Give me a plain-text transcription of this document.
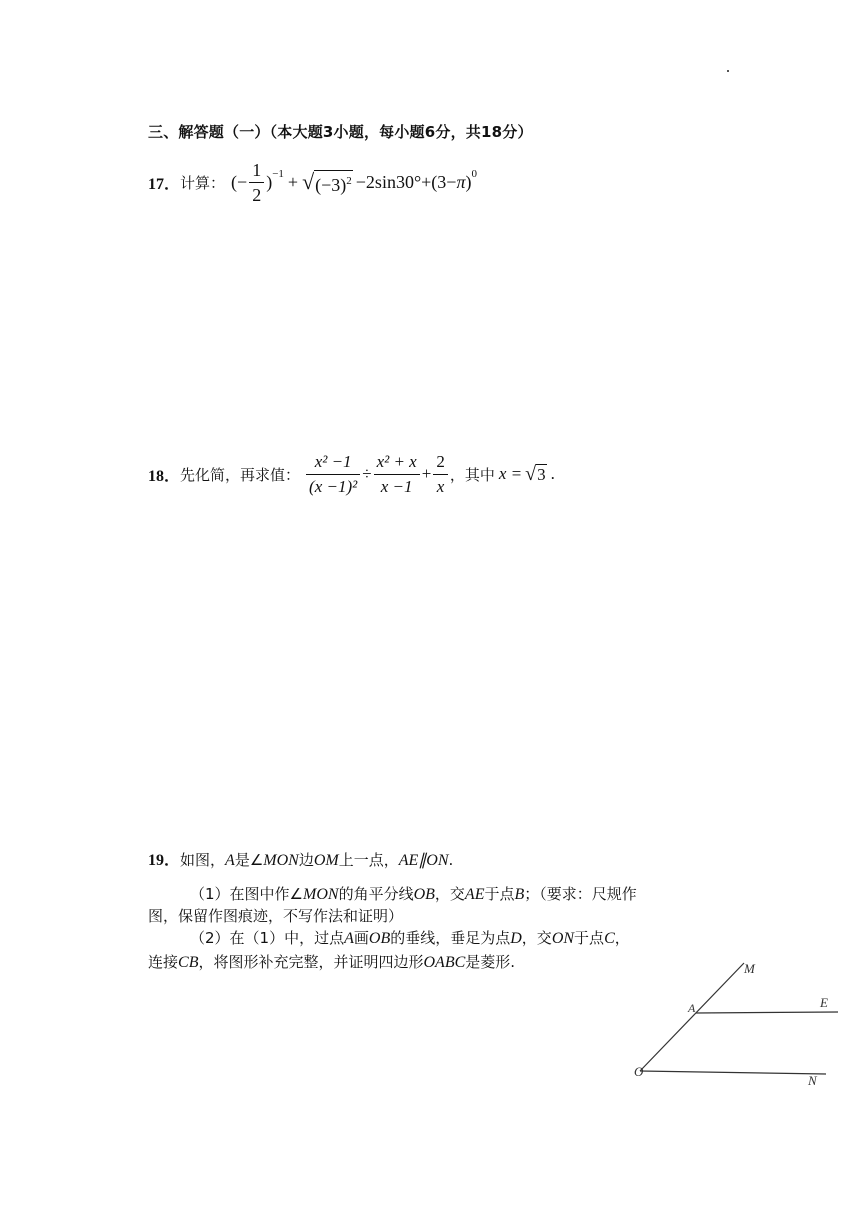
三、解答题（一）（本大题3小题，每小题6分，共18分）
17． 计算： (− $\frac{1}{2} )^{-1}$ + √ $(-3)^2 -2\sin 30^\circ+(3- \pi$ )$^0$
18． 先化简，再求值： $\frac{\text{x² −1}}{\text{(x −1)²}} \div \frac{\text{x² + x}}{x -1} + \frac{2}{x}$ ，其中 x = √ 3 .
19．如图，A是∠MON边OM上一点，AE∥ON.
（1）在图中作∠MON的角平分线OB，交AE于点B；（要求：尺规作
图，保留作图痕迹，不写作法和证明）
（2）在（1）中，过点A画OB的垂线，垂足为点D，交ON于点C，
连接CB，将图形补充完整，并证明四边形OABC是菱形.	M
E
A
O
N
